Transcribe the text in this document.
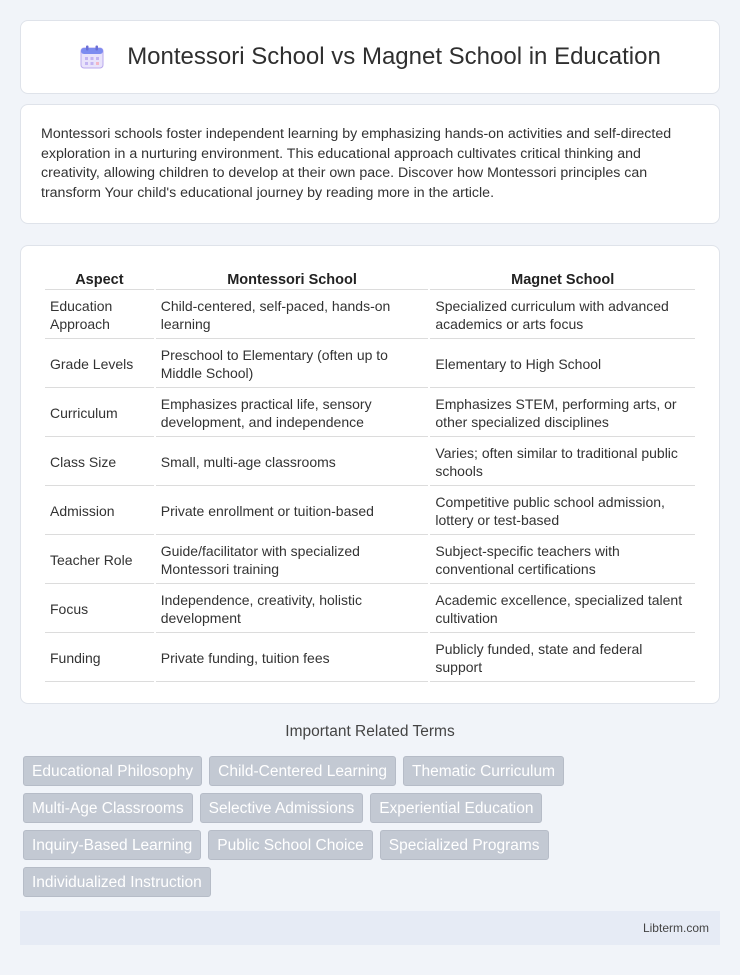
Montessori School vs Magnet School in Education

Montessori schools foster independent learning by emphasizing hands-on activities and self-directed exploration in a nurturing environment. This educational approach cultivates critical thinking and creativity, allowing children to develop at their own pace. Discover how Montessori principles can transform Your child's educational journey by reading more in the article.

Aspect	Montessori School	Magnet School
Education Approach	Child-centered, self-paced, hands-on learning	Specialized curriculum with advanced academics or arts focus
Grade Levels	Preschool to Elementary (often up to Middle School)	Elementary to High School
Curriculum	Emphasizes practical life, sensory development, and independence	Emphasizes STEM, performing arts, or other specialized disciplines
Class Size	Small, multi-age classrooms	Varies; often similar to traditional public schools
Admission	Private enrollment or tuition-based	Competitive public school admission, lottery or test-based
Teacher Role	Guide/facilitator with specialized Montessori training	Subject-specific teachers with conventional certifications
Focus	Independence, creativity, holistic development	Academic excellence, specialized talent cultivation
Funding	Private funding, tuition fees	Publicly funded, state and federal support
Important Related Terms
Educational Philosophy	Child-Centered Learning	Thematic Curriculum
Multi-Age Classrooms	Selective Admissions	Experiential Education
Inquiry-Based Learning	Public School Choice	Specialized Programs
Individualized Instruction
Libterm.com
